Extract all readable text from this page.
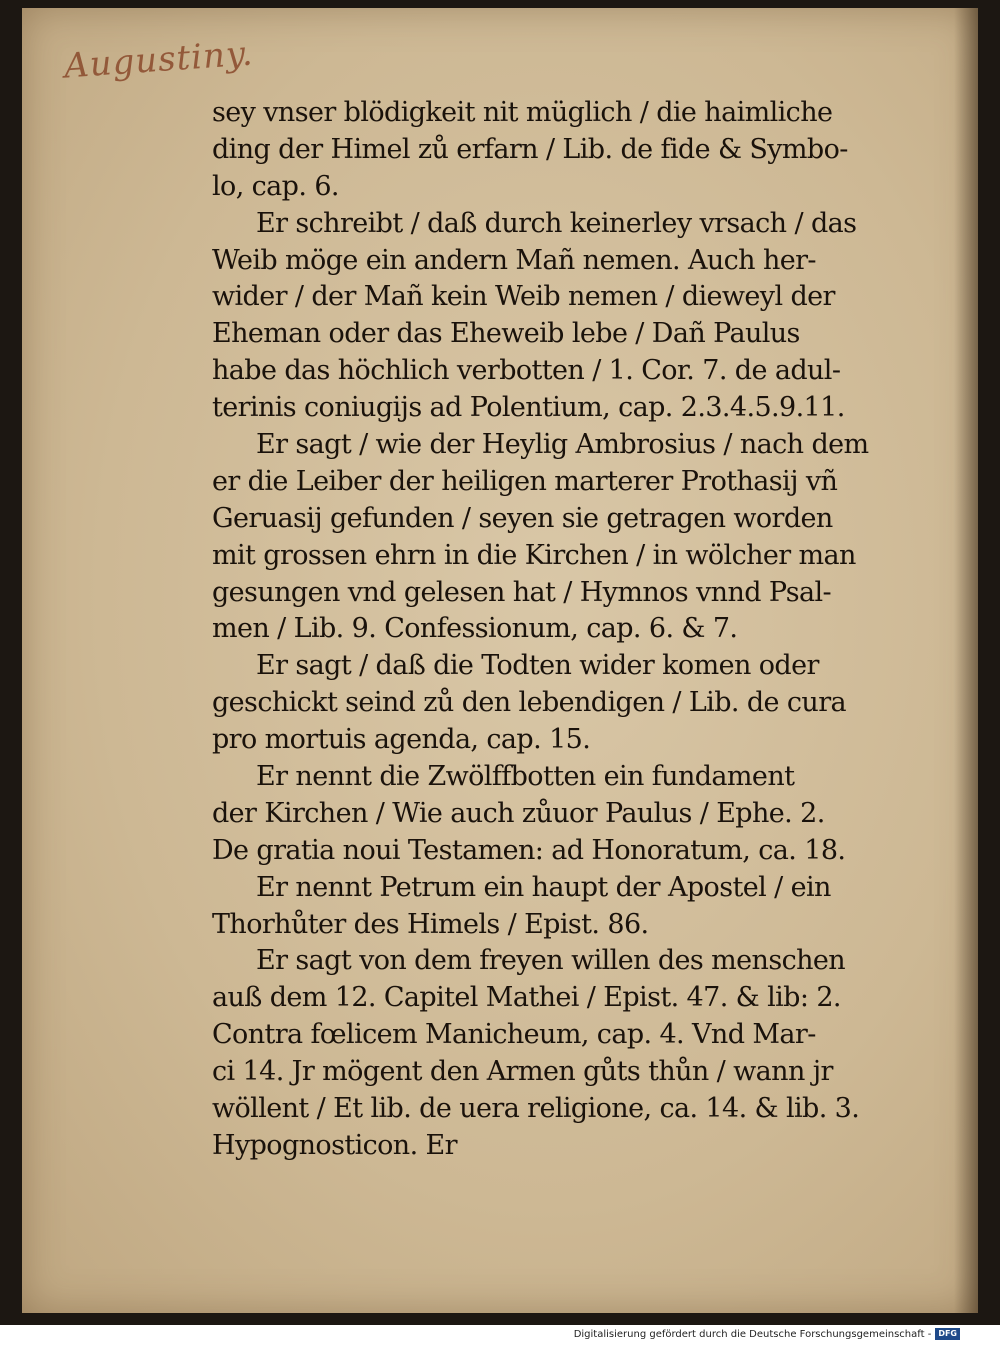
Augustiny.
sey vnser blödigkeit nit müglich / die haimliche
ding der Himel zů erfarn / Lib. de fide & Symbo-
lo, cap. 6.
Er schreibt / daß durch keinerley vrsach / das
Weib möge ein andern Mañ nemen. Auch her-
wider / der Mañ kein Weib nemen / dieweyl der
Eheman oder das Eheweib lebe / Dañ Paulus
habe das höchlich verbotten / 1. Cor. 7. de adul-
terinis coniugijs ad Polentium, cap. 2.3.4.5.9.11.
Er sagt / wie der Heylig Ambrosius / nach dem
er die Leiber der heiligen marterer Prothasij vñ
Geruasij gefunden / seyen sie getragen worden
mit grossen ehrn in die Kirchen / in wölcher man
gesungen vnd gelesen hat / Hymnos vnnd Psal-
men / Lib. 9. Confessionum, cap. 6. & 7.
Er sagt / daß die Todten wider komen oder
geschickt seind zů den lebendigen / Lib. de cura
pro mortuis agenda, cap. 15.
Er nennt die Zwölffbotten ein fundament
der Kirchen / Wie auch zůuor Paulus / Ephe. 2.
De gratia noui Testamen: ad Honoratum, ca. 18.
Er nennt Petrum ein haupt der Apostel / ein
Thorhůter des Himels / Epist. 86.
Er sagt von dem freyen willen des menschen
auß dem 12. Capitel Mathei / Epist. 47. & lib: 2.
Contra fœlicem Manicheum, cap. 4. Vnd Mar-
ci 14. Jr mögent den Armen gůts thůn / wann jr
wöllent / Et lib. de uera religione, ca. 14. & lib. 3.
Hypognosticon. Er
Digitalisierung gefördert durch die Deutsche Forschungsgemeinschaft - DFG
